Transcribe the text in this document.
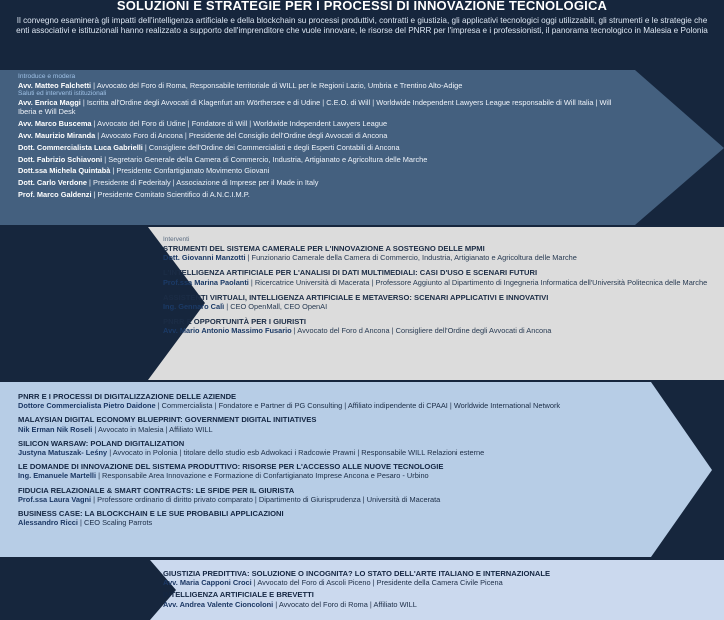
SOLUZIONI E STRATEGIE PER I PROCESSI DI INNOVAZIONE TECNOLOGICA
Il convegno esaminerà gli impatti dell'intelligenza artificiale e della blockchain su processi produttivi, contratti e giustizia, gli applicativi tecnologici oggi utilizzabili, gli strumenti e le strategie che enti associativi e istituzionali hanno realizzato a supporto dell'imprenditore che vuole innovare, le risorse del PNRR per l'impresa e i professionisti, il panorama tecnologico in Malesia e Polonia
Introduce e modera
Avv. Matteo Falchetti | Avvocato del Foro di Roma, Responsabile territoriale di WILL per le Regioni Lazio, Umbria e Trentino Alto-Adige
Saluti ed interventi istituzionali
Avv. Enrica Maggi | Iscritta all'Ordine degli Avvocati di Klagenfurt am Wörthersee e di Udine | C.E.O. di Will | Worldwide Independent Lawyers League responsabile di Will Italia | Will Iberia e Will Desk
Avv. Marco Buscema | Avvocato del Foro di Udine | Fondatore di Will | Worldwide Independent Lawyers League
Avv. Maurizio Miranda | Avvocato Foro di Ancona | Presidente del Consiglio dell'Ordine degli Avvocati di Ancona
Dott. Commercialista Luca Gabrielli | Consigliere dell'Ordine dei Commercialisti e degli Esperti Contabili di Ancona
Dott. Fabrizio Schiavoni | Segretario Generale della Camera di Commercio, Industria, Artigianato e Agricoltura delle Marche
Dott.ssa Michela Quintabà | Presidente Confartigianato Movimento Giovani
Dott. Carlo Verdone | Presidente di Federitaly | Associazione di Imprese per il Made in Italy
Prof. Marco Galdenzi | Presidente Comitato Scientifico di A.N.C.I.M.P.
Interventi
STRUMENTI DEL SISTEMA CAMERALE PER L'INNOVAZIONE A SOSTEGNO DELLE MPMI
Dott. Giovanni Manzotti | Funzionario Camerale della Camera di Commercio, Industria, Artigianato e Agricoltura delle Marche
L'INTELLIGENZA ARTIFICIALE PER L'ANALISI DI DATI MULTIMEDIALI: CASI D'USO E SCENARI FUTURI
Prof.ssa Marina Paolanti | Ricercatrice Università di Macerata | Professore Aggiunto al Dipartimento di Ingegneria Informatica dell'Università Politecnica delle Marche
ASSISTENTI VIRTUALI, INTELLIGENZA ARTIFICIALE E METAVERSO: SCENARI APPLICATIVI E INNOVATIVI
Ing. Gennaro Calì | CEO OpenMall, CEO OpenAI
PNRR E OPPORTUNITÀ PER I GIURISTI
Avv. Mario Antonio Massimo Fusario | Avvocato del Foro d Ancona | Consigliere dell'Ordine degli Avvocati di Ancona
PNRR E I PROCESSI DI DIGITALIZZAZIONE DELLE AZIENDE
Dottore Commercialista Pietro Daidone | Commercialista | Fondatore e Partner di PG Consulting | Affiliato indipendente di CPAAI | Worldwide International Network
MALAYSIAN DIGITAL ECONOMY BLUEPRINT: GOVERNMENT DIGITAL INITIATIVES
Nik Erman Nik Roseli | Avvocato in Malesia | Affiliato WILL
SILICON WARSAW: POLAND DIGITALIZATION
Justyna Matuszak- Leśny | Avvocato in Polonia | titolare dello studio esb Adwokaci i Radcowie Prawni | Responsabile WILL Relazioni esterne
LE DOMANDE DI INNOVAZIONE DEL SISTEMA PRODUTTIVO: RISORSE PER L'ACCESSO ALLE NUOVE TECNOLOGIE
Ing. Emanuele Martelli | Responsabile Area Innovazione e Formazione di Confartigianato Imprese Ancona e Pesaro - Urbino
FIDUCIA RELAZIONALE & SMART CONTRACTS: LE SFIDE PER IL GIURISTA
Prof.ssa Laura Vagni | Professore ordinario di diritto privato comparato | Dipartimento di Giurisprudenza | Università di Macerata
BUSINESS CASE: LA BLOCKCHAIN E LE SUE PROBABILI APPLICAZIONI
Alessandro Ricci | CEO Scaling Parrots
GIUSTIZIA PREDITTIVA: SOLUZIONE O INCOGNITA? LO STATO DELL'ARTE ITALIANO E INTERNAZIONALE
Avv. Maria Capponi Croci | Avvocato del Foro di Ascoli Piceno | Presidente della Camera Civile Picena
INTELLIGENZA ARTIFICIALE E BREVETTI
Avv. Andrea Valente Cioncoloni | Avvocato del Foro di Roma | Affiliato WILL
